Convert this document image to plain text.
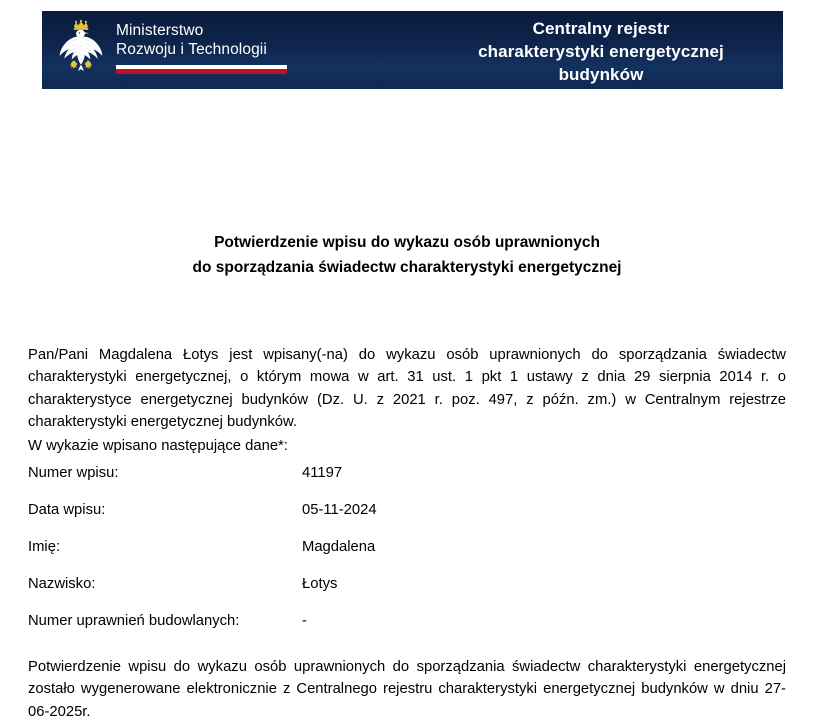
Ministerstwo
Rozwoju i Technologii
Centralny rejestr
charakterystyki energetycznej
budynków
Potwierdzenie wpisu do wykazu osób uprawnionych
do sporządzania świadectw charakterystyki energetycznej

Pan/Pani Magdalena Łotys jest wpisany(-na) do wykazu osób uprawnionych do sporządzania świadectw charakterystyki energetycznej, o którym mowa w art. 31 ust. 1 pkt 1 ustawy z dnia 29 sierpnia 2014 r. o charakterystyce energetycznej budynków (Dz. U. z 2021 r. poz. 497, z późn. zm.) w Centralnym rejestrze charakterystyki energetycznej budynków.

W wykazie wpisano następujące dane*:

Numer wpisu:	41197
Data wpisu:	05-11-2024
Imię:	Magdalena
Nazwisko:	Łotys
Numer uprawnień budowlanych:	-

Potwierdzenie wpisu do wykazu osób uprawnionych do sporządzania świadectw charakterystyki energetycznej zostało wygenerowane elektronicznie z Centralnego rejestru charakterystyki energetycznej budynków w dniu 27-06-2025r.
